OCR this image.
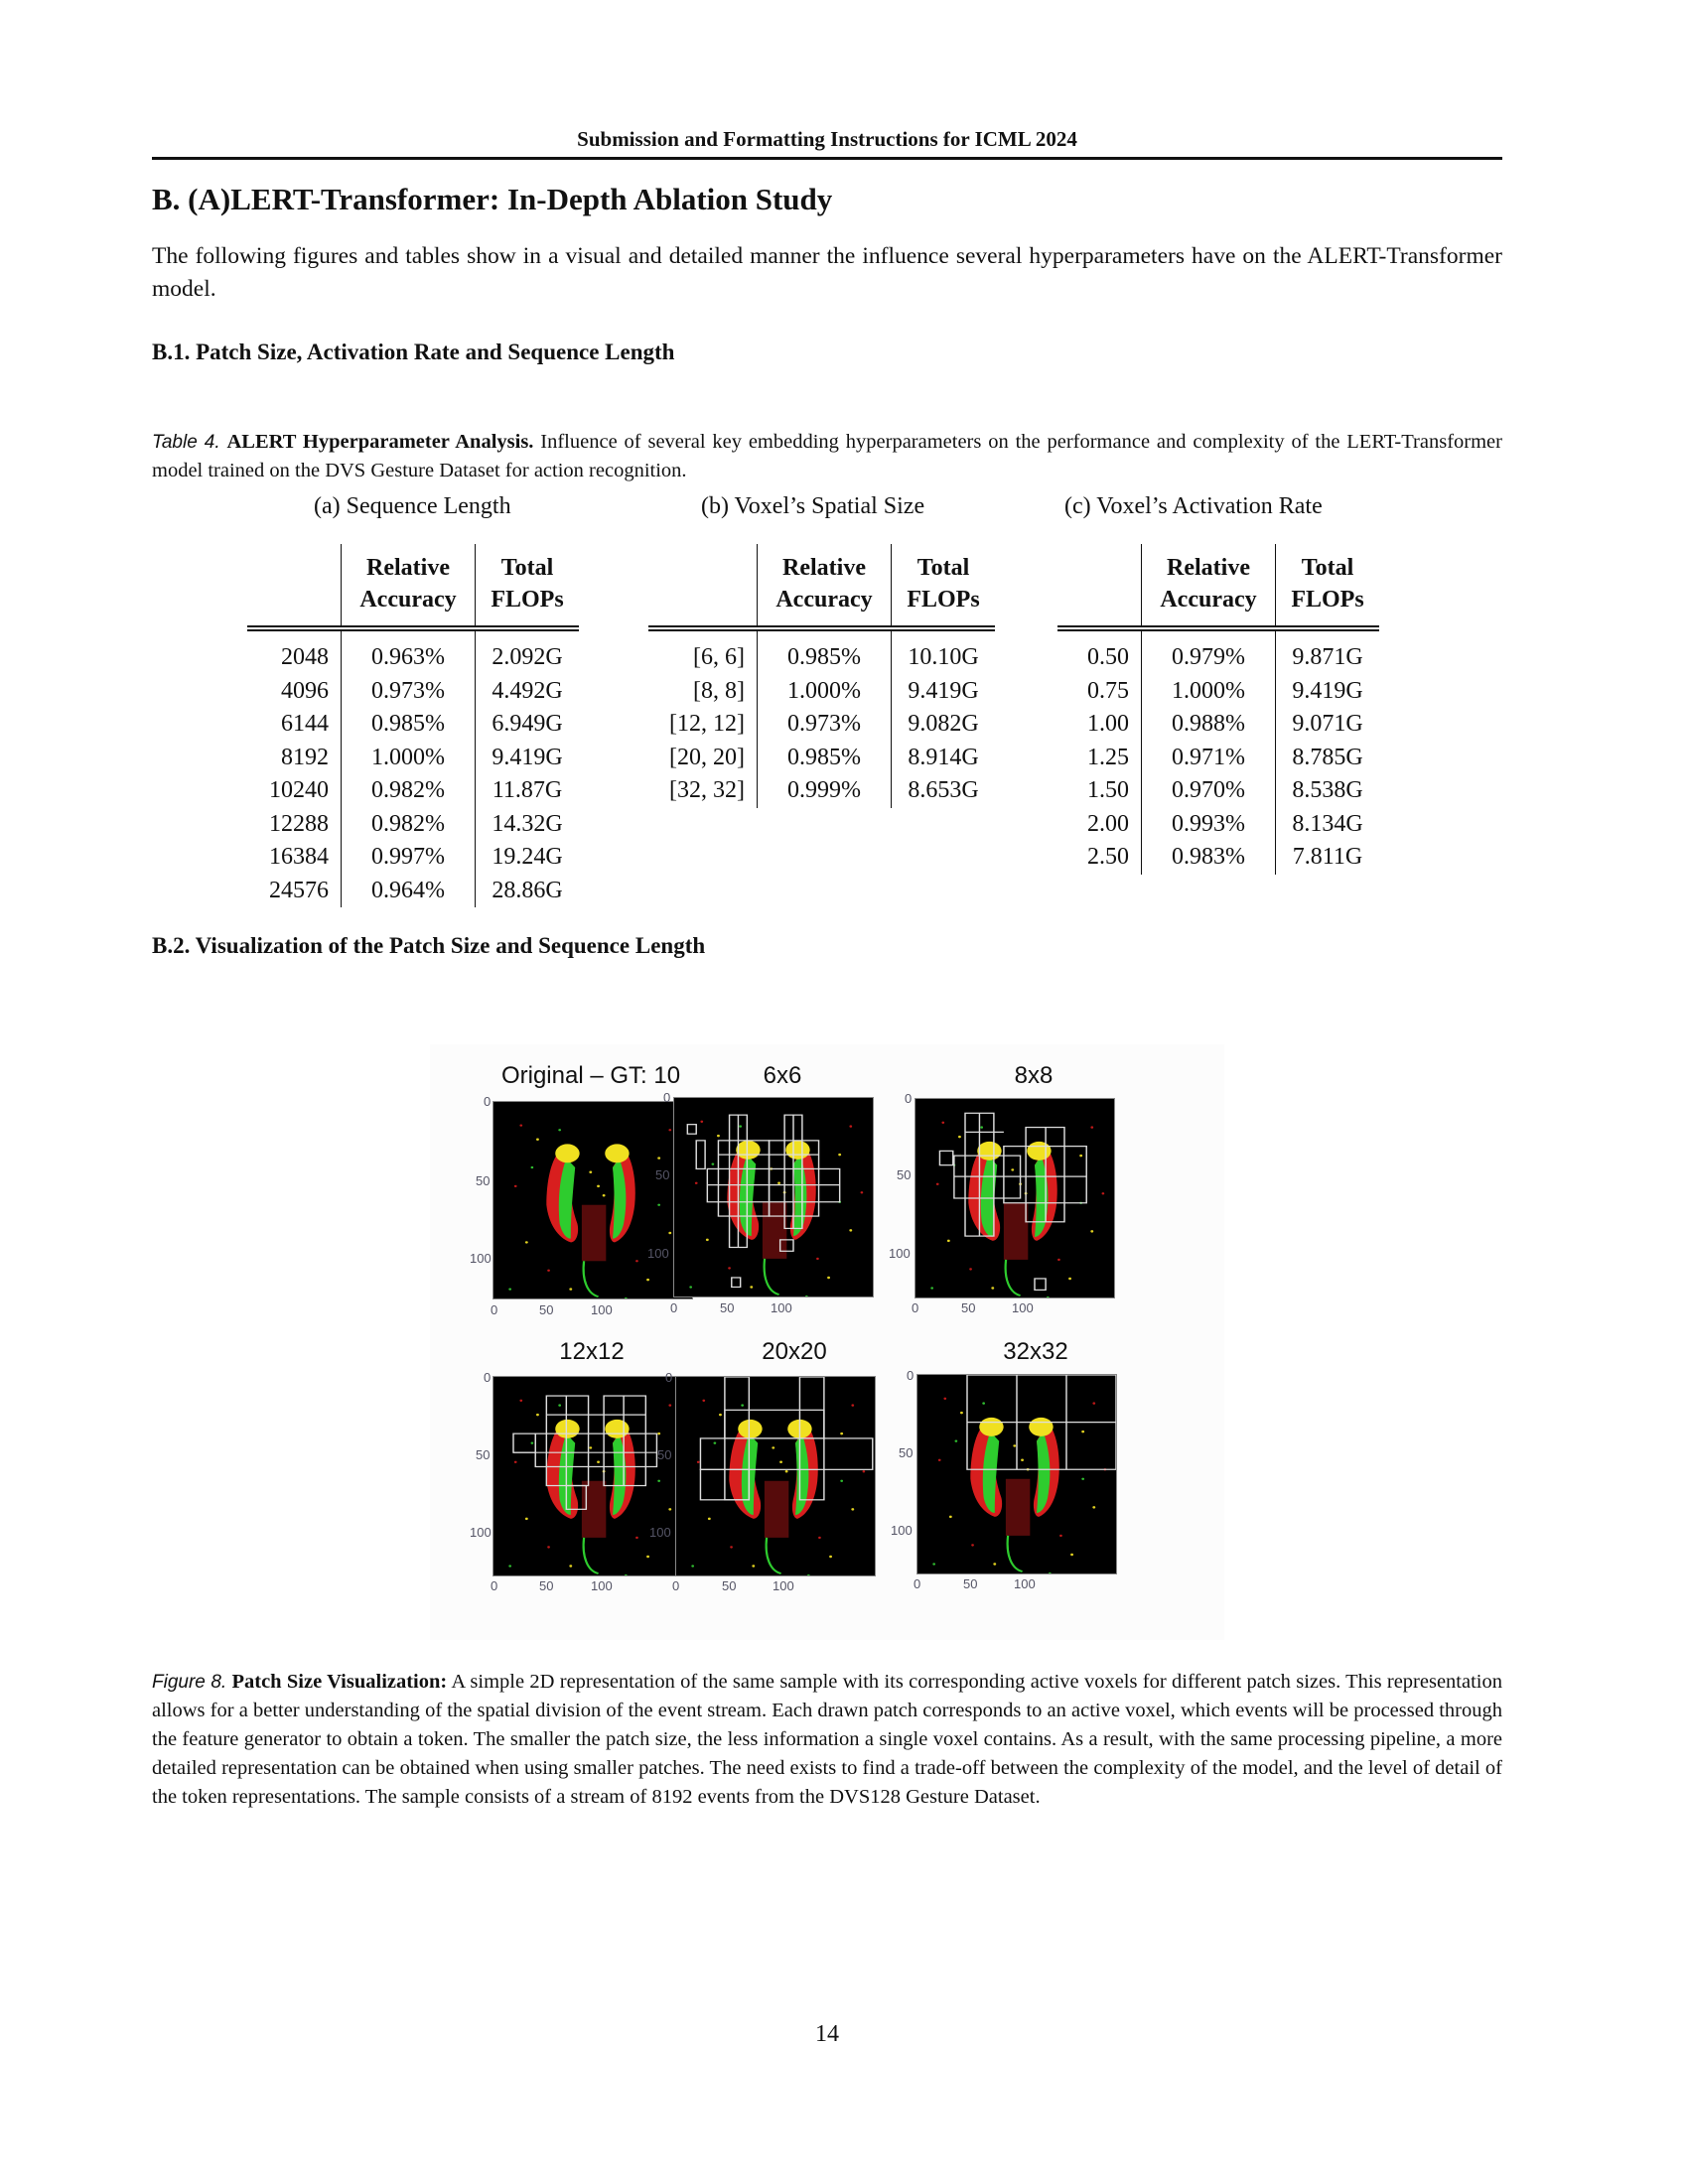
Submission and Formatting Instructions for ICML 2024
B. (A)LERT-Transformer: In-Depth Ablation Study
The following figures and tables show in a visual and detailed manner the influence several hyperparameters have on the ALERT-Transformer model.
B.1. Patch Size, Activation Rate and Sequence Length
Table 4. ALERT Hyperparameter Analysis. Influence of several key embedding hyperparameters on the performance and complexity of the LERT-Transformer model trained on the DVS Gesture Dataset for action recognition.
(a) Sequence Length	(b) Voxel’s Spatial Size	(c) Voxel’s Activation Rate
	Relative Accuracy	Total FLOPs
2048	0.963%	2.092G
4096	0.973%	4.492G
6144	0.985%	6.949G
8192	1.000%	9.419G
10240	0.982%	11.87G
12288	0.982%	14.32G
16384	0.997%	19.24G
24576	0.964%	28.86G
	Relative Accuracy	Total FLOPs
[6, 6]	0.985%	10.10G
[8, 8]	1.000%	9.419G
[12, 12]	0.973%	9.082G
[20, 20]	0.985%	8.914G
[32, 32]	0.999%	8.653G
	Relative Accuracy	Total FLOPs
0.50	0.979%	9.871G
0.75	1.000%	9.419G
1.00	0.988%	9.071G
1.25	0.971%	8.785G
1.50	0.970%	8.538G
2.00	0.993%	8.134G
2.50	0.983%	7.811G
B.2. Visualization of the Patch Size and Sequence Length
Original – GT: 10
0
50
100
0	50	100
6x6
0
50
100
0	50	100
8x8
0
50
100
0	50	100
12x12
0
50
100
0	50	100
20x20
0
50
100
0	50	100
32x32
0
50
100
0	50	100
Figure 8. Patch Size Visualization: A simple 2D representation of the same sample with its corresponding active voxels for different patch sizes. This representation allows for a better understanding of the spatial division of the event stream. Each drawn patch corresponds to an active voxel, which events will be processed through the feature generator to obtain a token. The smaller the patch size, the less information a single voxel contains. As a result, with the same processing pipeline, a more detailed representation can be obtained when using smaller patches. The need exists to find a trade-off between the complexity of the model, and the level of detail of the token representations. The sample consists of a stream of 8192 events from the DVS128 Gesture Dataset.
14
